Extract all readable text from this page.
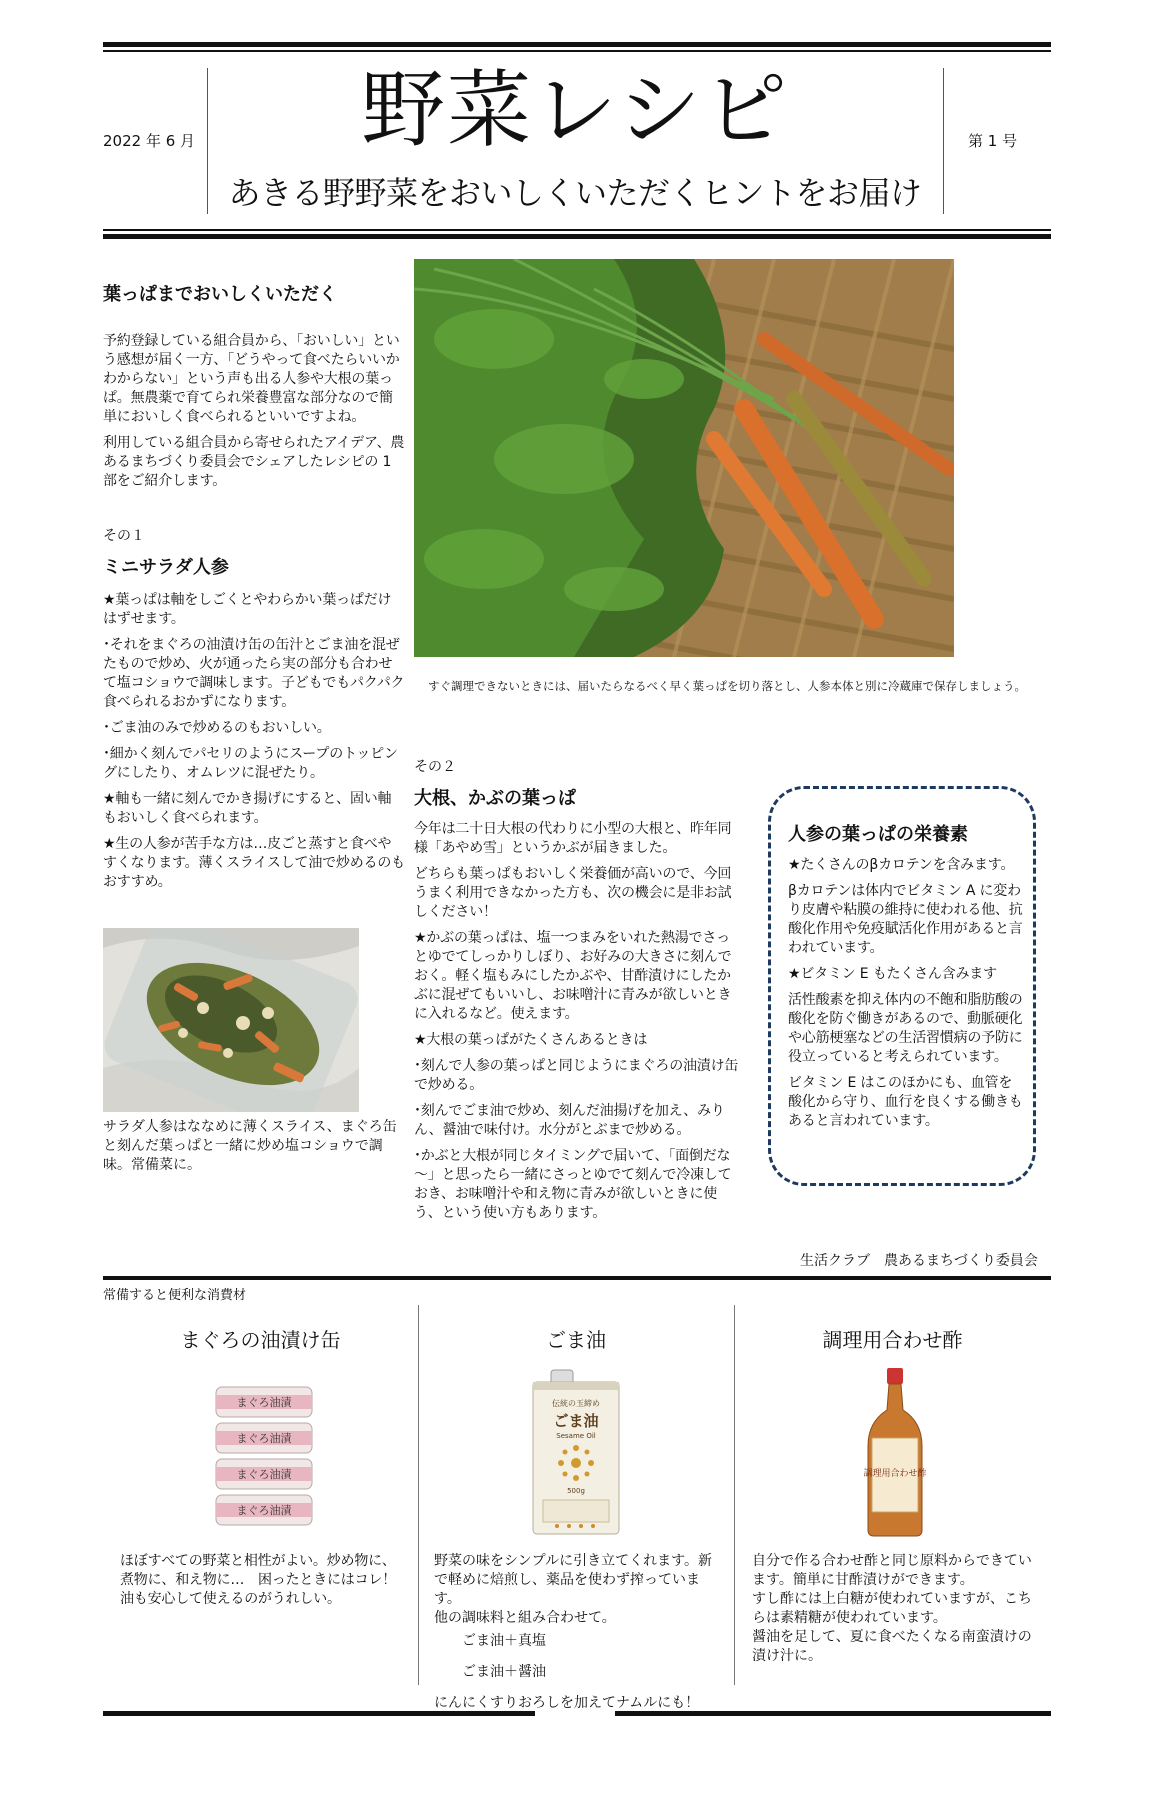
2022 年 6 月	野菜レシピ
あきる野野菜をおいしくいただくヒントをお届け
第 1 号
葉っぱまでおいしくいただく

予約登録している組合員から、「おいしい」という感想が届く一方、「どうやって食べたらいいかわからない」という声も出る人参や大根の葉っぱ。無農薬で育てられ栄養豊富な部分なので簡単においしく食べられるといいですよね。

利用している組合員から寄せられたアイデア、農あるまちづくり委員会でシェアしたレシピの 1 部をご紹介します。

その１
ミニサラダ人参

★葉っぱは軸をしごくとやわらかい葉っぱだけはずせます。

･それをまぐろの油漬け缶の缶汁とごま油を混ぜたもので炒め、火が通ったら実の部分も合わせて塩コショウで調味します。子どもでもパクパク食べられるおかずになります。

･ごま油のみで炒めるのもおいしい。

･細かく刻んでパセリのようにスープのトッピングにしたり、オムレツに混ぜたり。

★軸も一緒に刻んでかき揚げにすると、固い軸もおいしく食べられます。

★生の人参が苦手な方は…皮ごと蒸すと食べやすくなります。薄くスライスして油で炒めるのもおすすめ。

サラダ人参はななめに薄くスライス、まぐろ缶と刻んだ葉っぱと一緒に炒め塩コショウで調味。常備菜に。
すぐ調理できないときには、届いたらなるべく早く葉っぱを切り落とし、人参本体と別に冷蔵庫で保存しましょう。
その２
大根、かぶの葉っぱ

今年は二十日大根の代わりに小型の大根と、昨年同様「あやめ雪」というかぶが届きました。

どちらも葉っぱもおいしく栄養価が高いので、今回うまく利用できなかった方も、次の機会に是非お試しください！

★かぶの葉っぱは、塩一つまみをいれた熱湯でさっとゆでてしっかりしぼり、お好みの大きさに刻んでおく。軽く塩もみにしたかぶや、甘酢漬けにしたかぶに混ぜてもいいし、お味噌汁に青みが欲しいときに入れるなど。使えます。

★大根の葉っぱがたくさんあるときは

･刻んで人参の葉っぱと同じようにまぐろの油漬け缶で炒める。

･刻んでごま油で炒め、刻んだ油揚げを加え、みりん、醤油で味付け。水分がとぶまで炒める。

･かぶと大根が同じタイミングで届いて、「面倒だな～」と思ったら一緒にさっとゆでて刻んで冷凍しておき、お味噌汁や和え物に青みが欲しいときに使う、という使い方もあります。

人参の葉っぱの栄養素

★たくさんのβカロテンを含みます。

βカロテンは体内でビタミン A に変わり皮膚や粘膜の維持に使われる他、抗酸化作用や免疫賦活化作用があると言われています。

★ビタミン E もたくさん含みます

活性酸素を抑え体内の不飽和脂肪酸の酸化を防ぐ働きがあるので、動脈硬化や心筋梗塞などの生活習慣病の予防に役立っていると考えられています。

ビタミン E はこのほかにも、血管を酸化から守り、血行を良くする働きもあると言われています。

生活クラブ　農あるまちづくり委員会
常備すると便利な消費材
まぐろの油漬け缶
まぐろ油漬
まぐろ油漬
まぐろ油漬
まぐろ油漬

ほぼすべての野菜と相性がよい。炒め物に、煮物に、和え物に…　困ったときにはコレ！油も安心して使えるのがうれしい。

ごま油
伝統の玉締め
ごま油
Sesame Oil
500g
野菜の味をシンプルに引き立てくれます。新で軽めに焙煎し、薬品を使わず搾っています。
他の調味料と組み合わせて。
ごま油＋真塩
ごま油＋醤油
にんにくすりおろしを加えてナムルにも！
調理用合わせ酢
調理用合わせ酢
自分で作る合わせ酢と同じ原料からできています。簡単に甘酢漬けができます。
すし酢には上白糖が使われていますが、こちらは素精糖が使われています。
醤油を足して、夏に食べたくなる南蛮漬けの漬け汁に。
